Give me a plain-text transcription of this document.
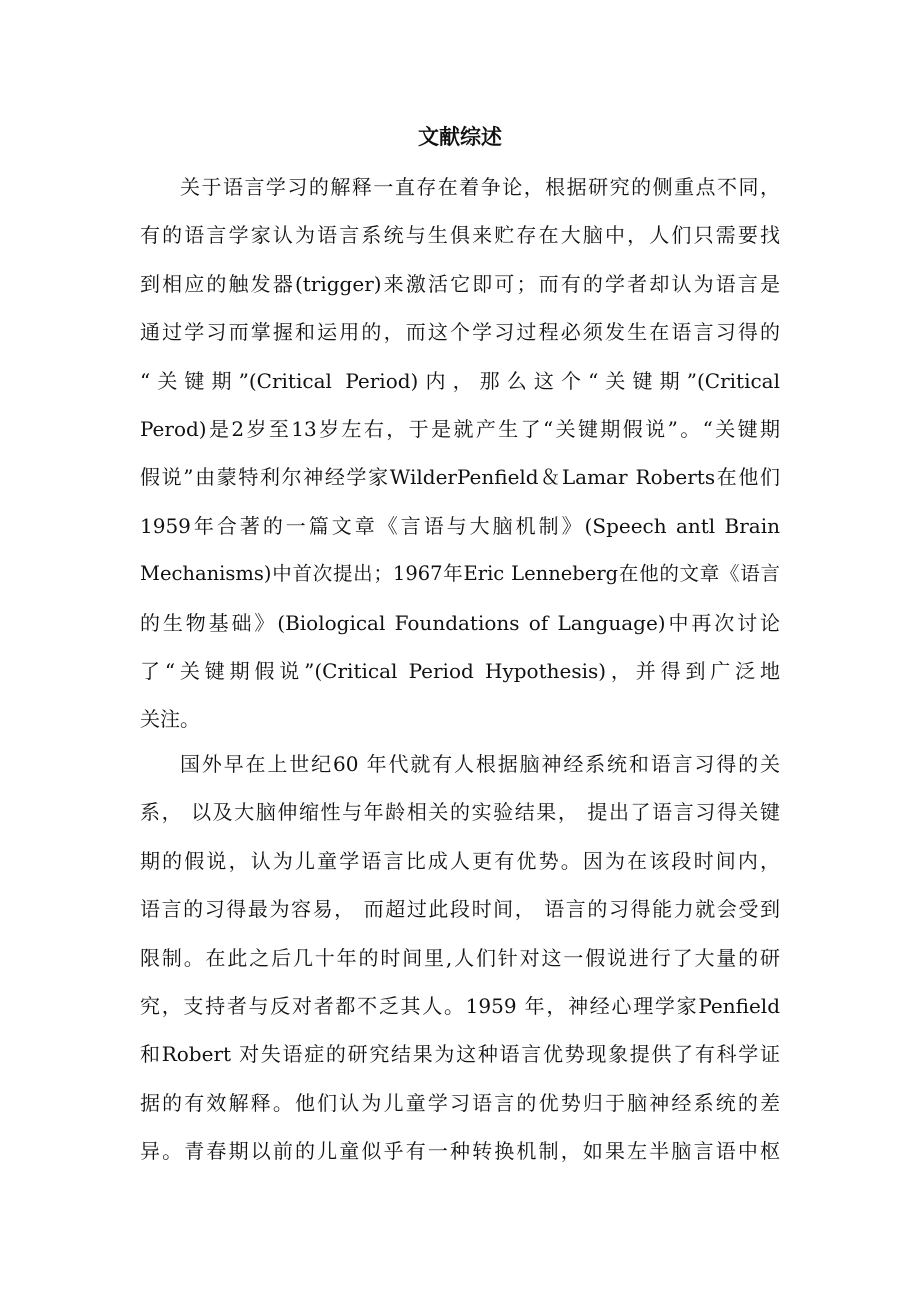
文献综述
关于语言学习的解释一直存在着争论，根据研究的侧重点不同，
有的语言学家认为语言系统与生俱来贮存在大脑中，人们只需要找
到相应的触发器(trigger)来激活它即可；而有的学者却认为语言是
通过学习而掌握和运用的，而这个学习过程必须发生在语言习得的
“关键期”(Critical Period)内，那么这个“关键期”(Critical
Perod)是2岁至13岁左右，于是就产生了“关键期假说”。“关键期
假说”由蒙特利尔神经学家WilderPenfield＆Lamar Roberts在他们
1959年合著的一篇文章《言语与大脑机制》(Speech antl Brain
Mechanisms)中首次提出；1967年Eric Lenneberg在他的文章《语言
的生物基础》(Biological Foundations of Language)中再次讨论
了“关键期假说”(Critical Period Hypothesis)，并得到广泛地
关注。
国外早在上世纪60 年代就有人根据脑神经系统和语言习得的关
系， 以及大脑伸缩性与年龄相关的实验结果， 提出了语言习得关键
期的假说，认为儿童学语言比成人更有优势。因为在该段时间内，
语言的习得最为容易， 而超过此段时间， 语言的习得能力就会受到
限制。在此之后几十年的时间里,人们针对这一假说进行了大量的研
究，支持者与反对者都不乏其人。1959 年，神经心理学家Penfield
和Robert 对失语症的研究结果为这种语言优势现象提供了有科学证
据的有效解释。他们认为儿童学习语言的优势归于脑神经系统的差
异。青春期以前的儿童似乎有一种转换机制，如果左半脑言语中枢
